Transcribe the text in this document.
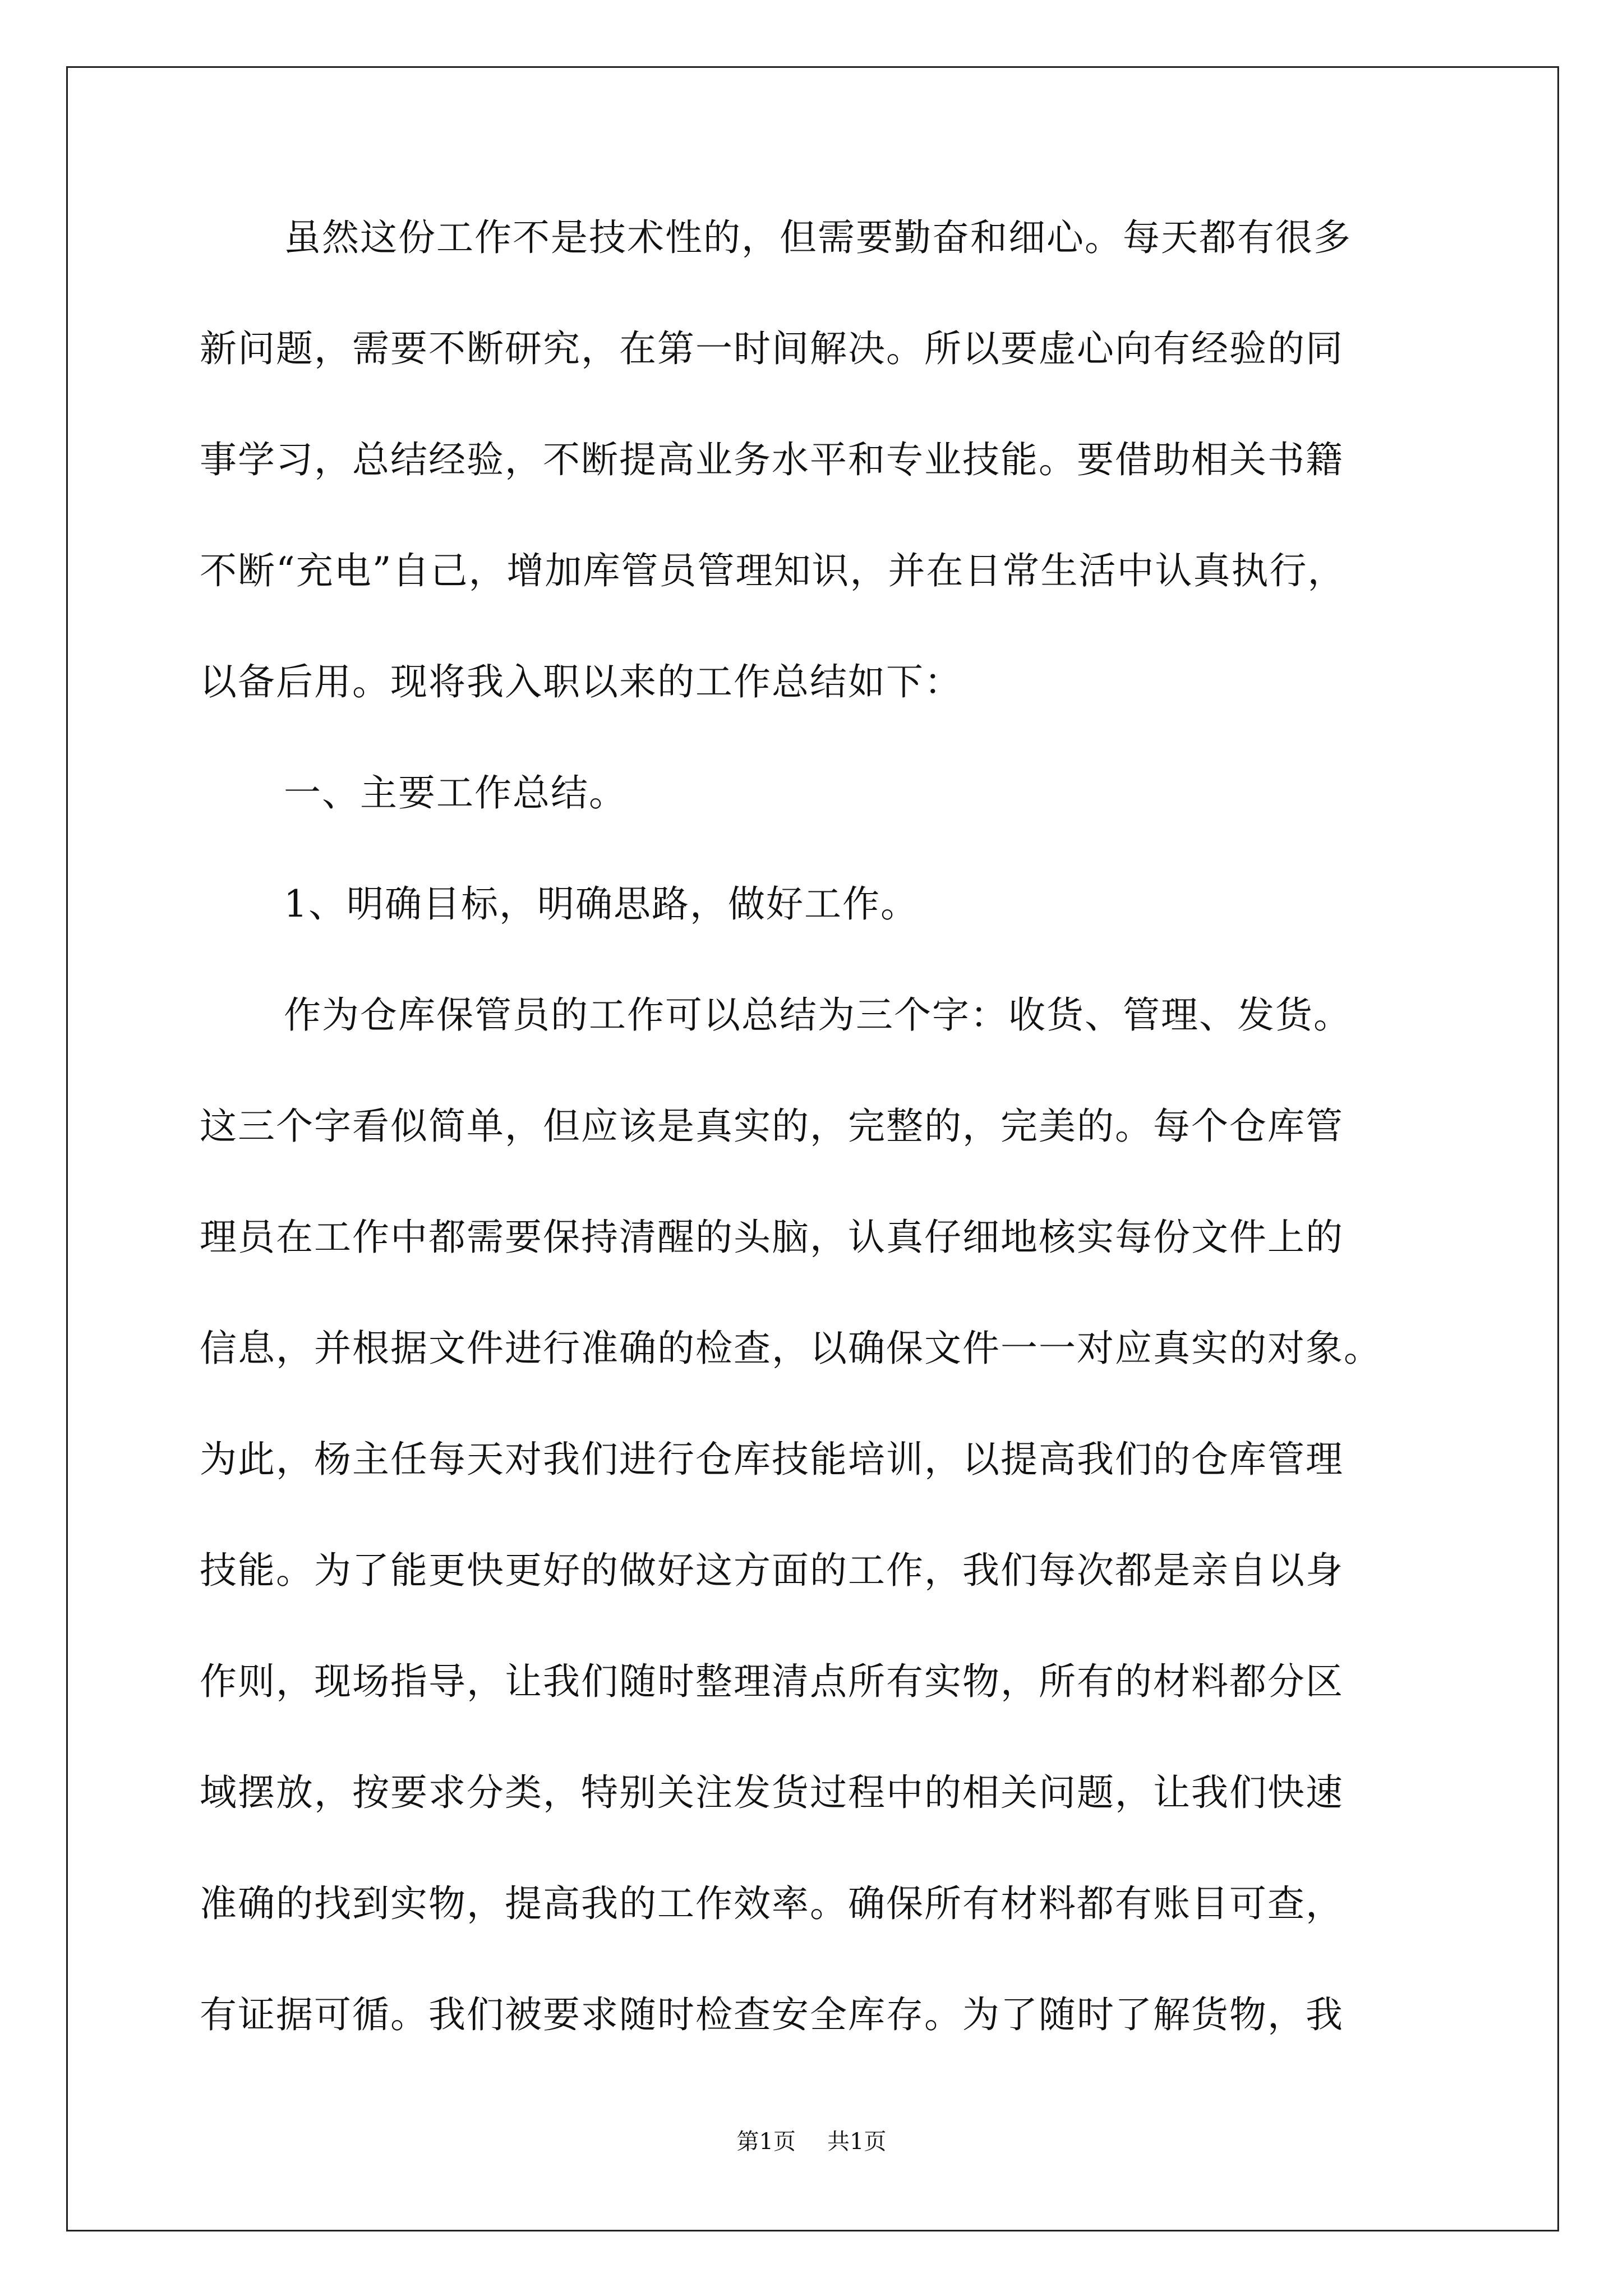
虽然这份工作不是技术性的，但需要勤奋和细心。每天都有很多
新问题，需要不断研究，在第一时间解决。所以要虚心向有经验的同
事学习，总结经验，不断提高业务水平和专业技能。要借助相关书籍
不断“充电”自己，增加库管员管理知识，并在日常生活中认真执行，
以备后用。现将我入职以来的工作总结如下：
一、主要工作总结。
1、明确目标，明确思路，做好工作。
作为仓库保管员的工作可以总结为三个字：收货、管理、发货。
这三个字看似简单，但应该是真实的，完整的，完美的。每个仓库管
理员在工作中都需要保持清醒的头脑，认真仔细地核实每份文件上的
信息，并根据文件进行准确的检查，以确保文件一一对应真实的对象。
为此，杨主任每天对我们进行仓库技能培训，以提高我们的仓库管理
技能。为了能更快更好的做好这方面的工作，我们每次都是亲自以身
作则，现场指导，让我们随时整理清点所有实物，所有的材料都分区
域摆放，按要求分类，特别关注发货过程中的相关问题，让我们快速
准确的找到实物，提高我的工作效率。确保所有材料都有账目可查，
有证据可循。我们被要求随时检查安全库存。为了随时了解货物，我
第1页 共1页
